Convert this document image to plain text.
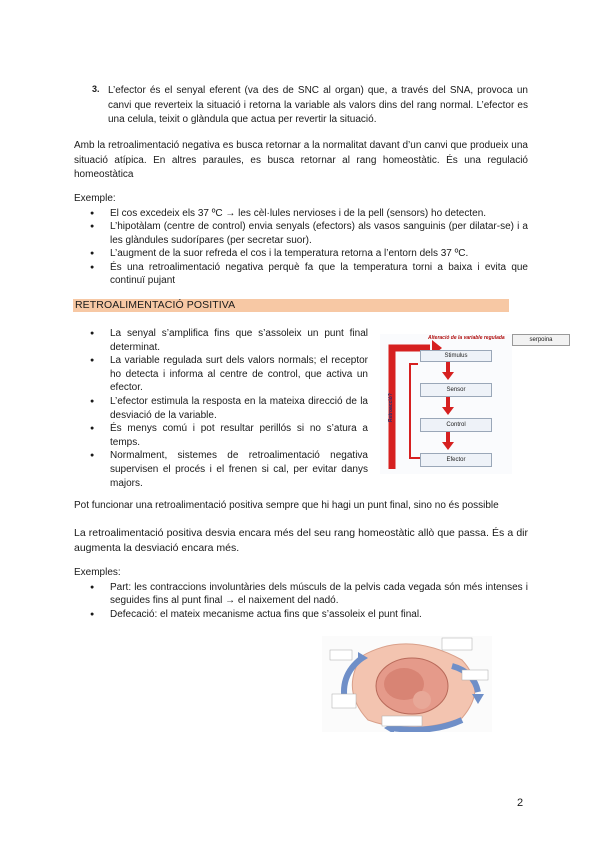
3. L’efector és el senyal eferent (va des de SNC al organ) que, a través del SNA, provoca un canvi que reverteix la situació i retorna la variable als valors dins del rang normal. L’efector es una celula, teixit o glàndula que actua per revertir la situació.

Amb la retroalimentació negativa es busca retornar a la normalitat davant d’un canvi que produeix una situació atípica. En altres paraules, es busca retornar al rang homeostàtic. És una regulació homeostàtica

Exemple:

● El cos excedeix els 37 ºC → les cèl·lules nervioses i de la pell (sensors) ho detecten.
● L’hipotàlam (centre de control) envia senyals (efectors) als vasos sanguinis (per dilatar-se) i a les glàndules sudorípares (per secretar suor).
● L’augment de la suor refreda el cos i la temperatura retorna a l’entorn dels 37 ºC.
● És una retroalimentació negativa perquè fa que la temperatura torni a baixa i evita que continuï pujant
RETROALIMENTACIÓ POSITIVA
● La senyal s’amplifica fins que s’assoleix un punt final determinat.
● La variable regulada surt dels valors normals; el receptor ho detecta i informa al centre de control, que activa un efector.
● L’efector estimula la resposta en la mateixa direcció de la desviació de la variable.
● És menys comú i pot resultar perillós si no s’atura a temps.
● Normalment, sistemes de retroalimentació negativa supervisen el procés i el frenen si cal, per evitar danys majors.
Alteració de la variable regulada
Retroacció?
Stimulus
Sensor
Control
Efector
serpoina

Pot funcionar una retroalimentació positiva sempre que hi hagi un punt final, sino no és possible

La retroalimentació positiva desvia encara més del seu rang homeostàtic allò que passa. És a dir augmenta la desviació encara més.

Exemples:

● Part: les contraccions involuntàries dels músculs de la pelvis cada vegada són més intenses i seguides fins al punt final → el naixement del nadó.
● Defecació: el mateix mecanisme actua fins que s’assoleix el punt final.
2
